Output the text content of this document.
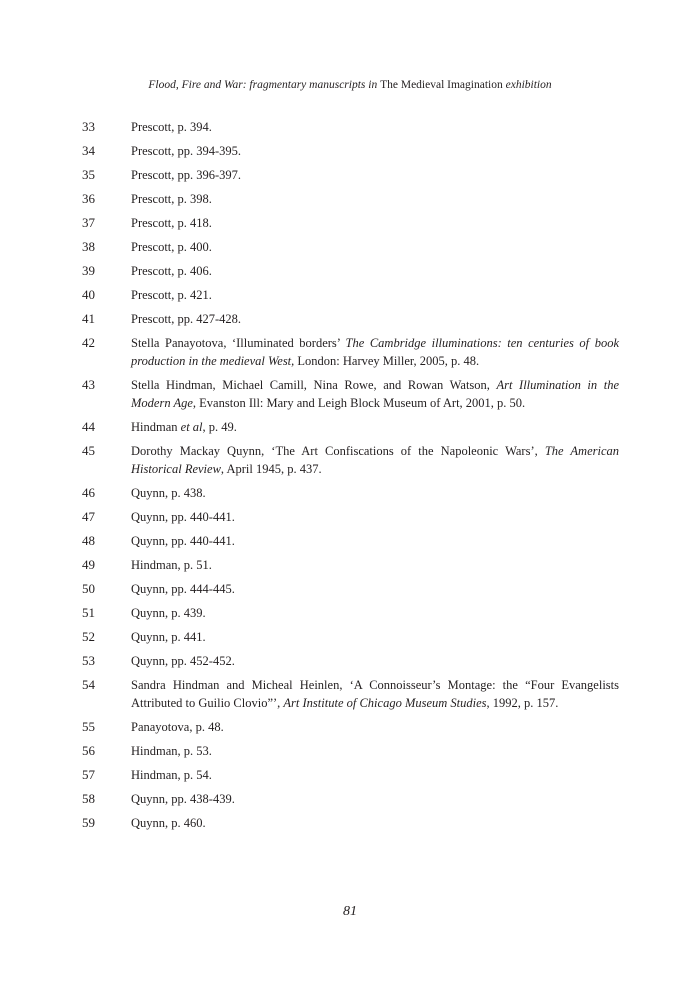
Flood, Fire and War: fragmentary manuscripts in The Medieval Imagination exhibition
33	Prescott, p. 394.
34	Prescott, pp. 394-395.
35	Prescott, pp. 396-397.
36	Prescott, p. 398.
37	Prescott, p. 418.
38	Prescott, p. 400.
39	Prescott, p. 406.
40	Prescott, p. 421.
41	Prescott, pp. 427-428.
42	Stella Panayotova, ‘Illuminated borders’ The Cambridge illuminations: ten centuries of book production in the medieval West, London: Harvey Miller, 2005, p. 48.
43	Stella Hindman, Michael Camill, Nina Rowe, and Rowan Watson, Art Illumination in the Modern Age, Evanston Ill: Mary and Leigh Block Museum of Art, 2001, p. 50.
44	Hindman et al, p. 49.
45	Dorothy Mackay Quynn, ‘The Art Confiscations of the Napoleonic Wars’, The American Historical Review, April 1945, p. 437.
46	Quynn, p. 438.
47	Quynn, pp. 440-441.
48	Quynn, pp. 440-441.
49	Hindman, p. 51.
50	Quynn, pp. 444-445.
51	Quynn, p. 439.
52	Quynn, p. 441.
53	Quynn, pp. 452-452.
54	Sandra Hindman and Micheal Heinlen, ‘A Connoisseur’s Montage: the “Four Evangelists Attributed to Guilio Clovio”’, Art Institute of Chicago Museum Studies, 1992, p. 157.
55	Panayotova, p. 48.
56	Hindman, p. 53.
57	Hindman, p. 54.
58	Quynn, pp. 438-439.
59	Quynn, p. 460.
81
